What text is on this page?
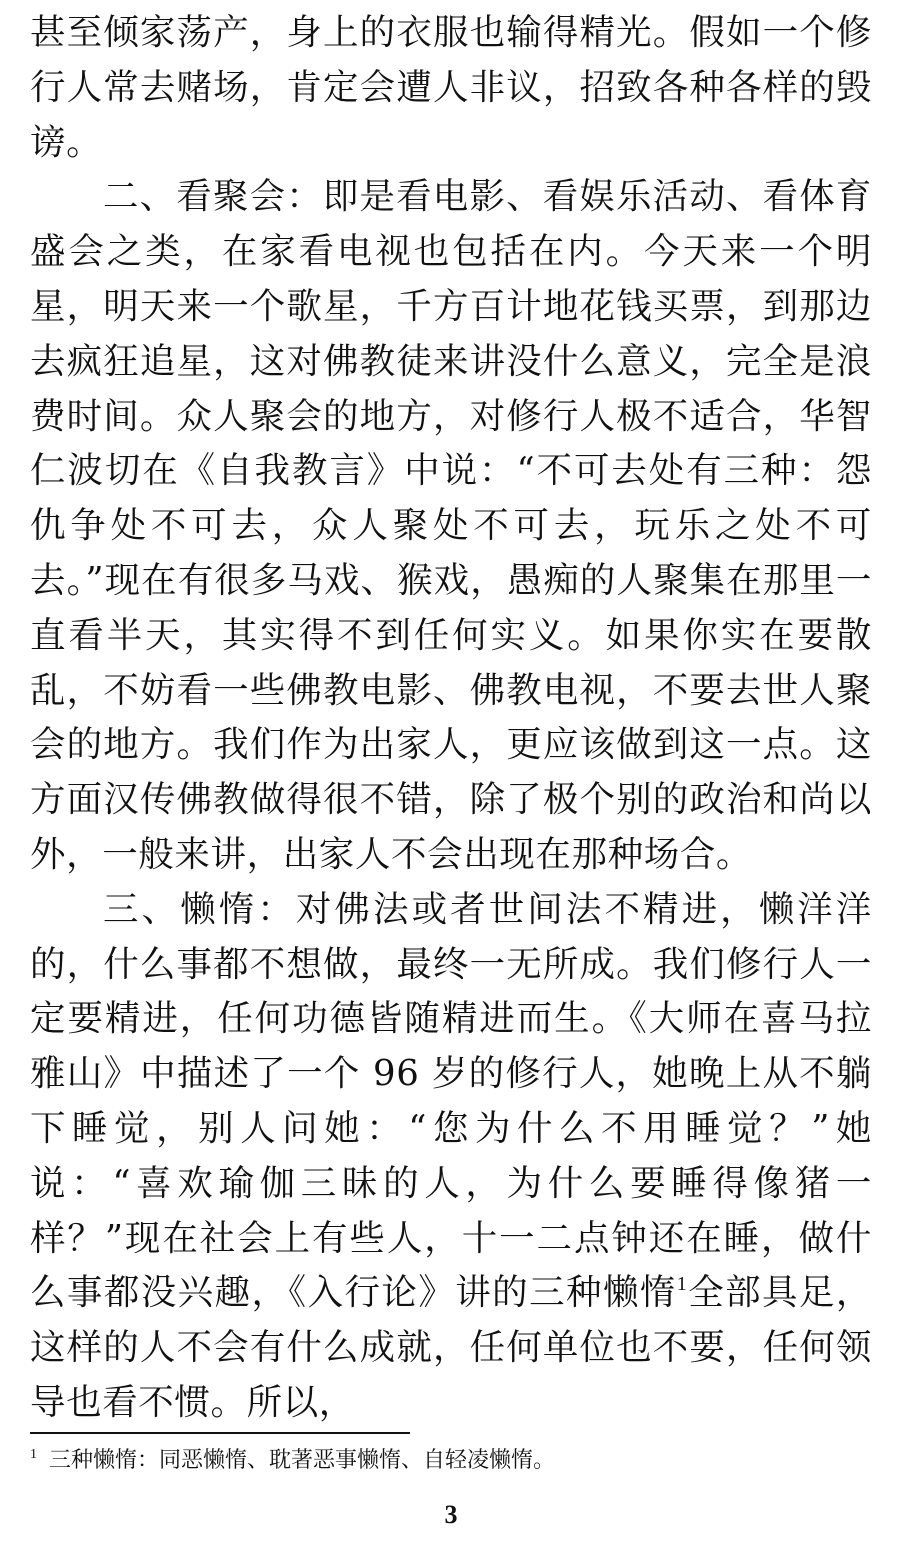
甚至倾家荡产，身上的衣服也输得精光。假如一个修行人常去赌场，肯定会遭人非议，招致各种各样的毁谤。

二、看聚会：即是看电影、看娱乐活动、看体育盛会之类，在家看电视也包括在内。今天来一个明星，明天来一个歌星，千方百计地花钱买票，到那边去疯狂追星，这对佛教徒来讲没什么意义，完全是浪费时间。众人聚会的地方，对修行人极不适合，华智仁波切在《自我教言》中说：“不可去处有三种：怨仇争处不可去，众人聚处不可去，玩乐之处不可去。”现在有很多马戏、猴戏，愚痴的人聚集在那里一直看半天，其实得不到任何实义。如果你实在要散乱，不妨看一些佛教电影、佛教电视，不要去世人聚会的地方。我们作为出家人，更应该做到这一点。这方面汉传佛教做得很不错，除了极个别的政治和尚以外，一般来讲，出家人不会出现在那种场合。

三、懒惰：对佛法或者世间法不精进，懒洋洋的，什么事都不想做，最终一无所成。我们修行人一定要精进，任何功德皆随精进而生。《大师在喜马拉雅山》中描述了一个 96 岁的修行人，她晚上从不躺下睡觉，别人问她：“您为什么不用睡觉？”她说：“喜欢瑜伽三昧的人，为什么要睡得像猪一样？”现在社会上有些人，十一二点钟还在睡，做什么事都没兴趣，《入行论》讲的三种懒惰$^1$全部具足，这样的人不会有什么成就，任何单位也不要，任何领导也看不惯。所以，

$^1$ 三种懒惰：同恶懒惰、耽著恶事懒惰、自轻凌懒惰。
3
